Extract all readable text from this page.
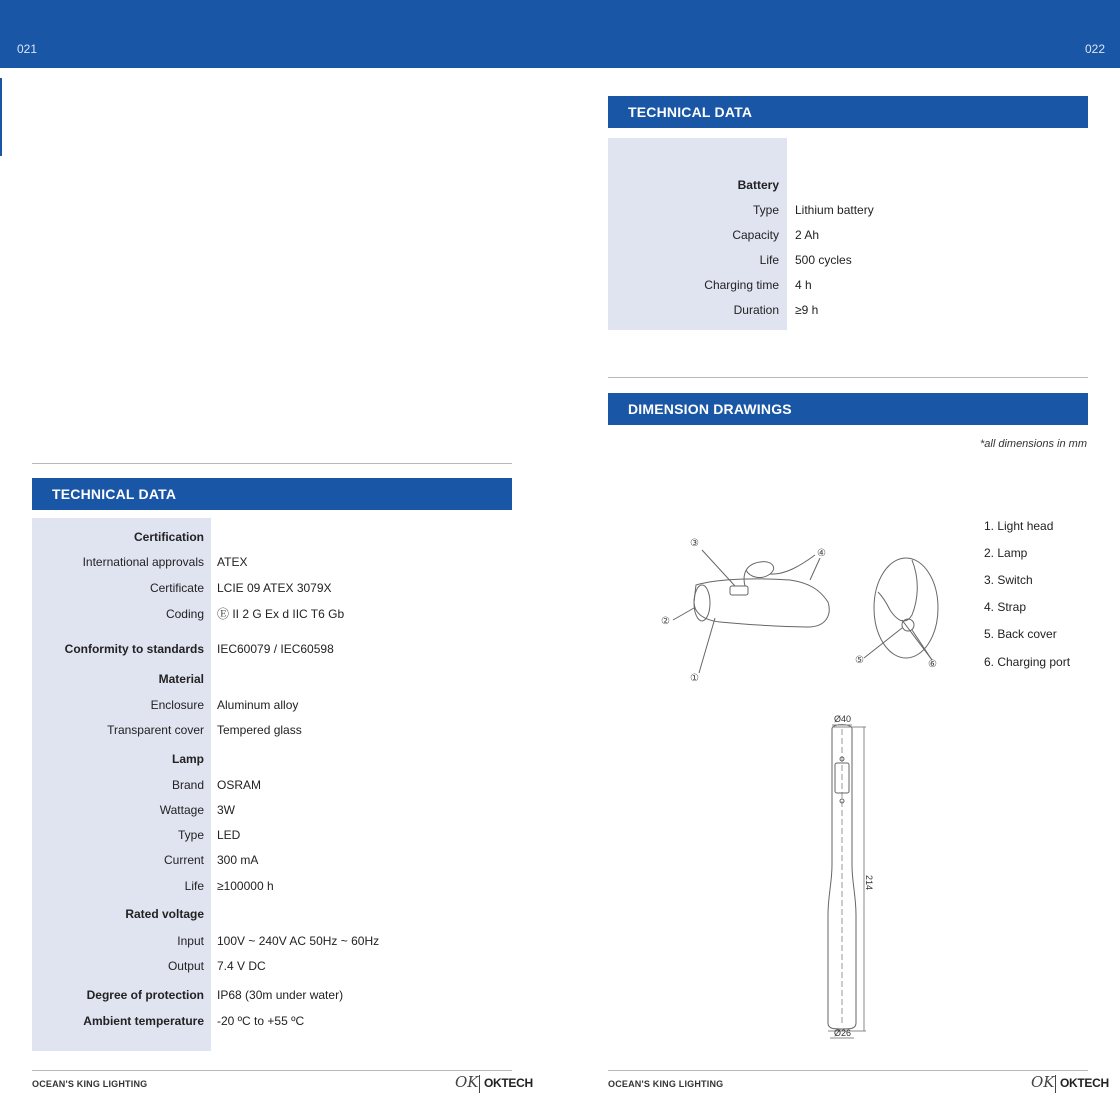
021	022
TECHNICAL DATA
Certification
International approvals ATEX
Certificate LCIE 09 ATEX 3079X
Coding Ⓔ II 2 G Ex d IIC T6 Gb
Conformity to standards IEC60079 / IEC60598
Material
Enclosure Aluminum alloy
Transparent cover Tempered glass
Lamp
Brand OSRAM
Wattage 3W
Type LED
Current 300 mA
Life ≥100000 h
Rated voltage
Input 100V ~ 240V AC 50Hz ~ 60Hz
Output 7.4 V DC
Degree of protection IP68 (30m under water)
Ambient temperature -20 ºC to +55 ºC
OCEAN'S KING LIGHTING	OK OKTECH
TECHNICAL DATA
Battery
Type Lithium battery
Capacity 2 Ah
Life 500 cycles
Charging time 4 h
Duration ≥9 h
DIMENSION DRAWINGS
*all dimensions in mm
③
②
①
④
⑤	⑥
Ø40
Ø26
214
1. Light head
2. Lamp
3. Switch
4. Strap
5. Back cover
6. Charging port
OCEAN'S KING LIGHTING	OK OKTECH
